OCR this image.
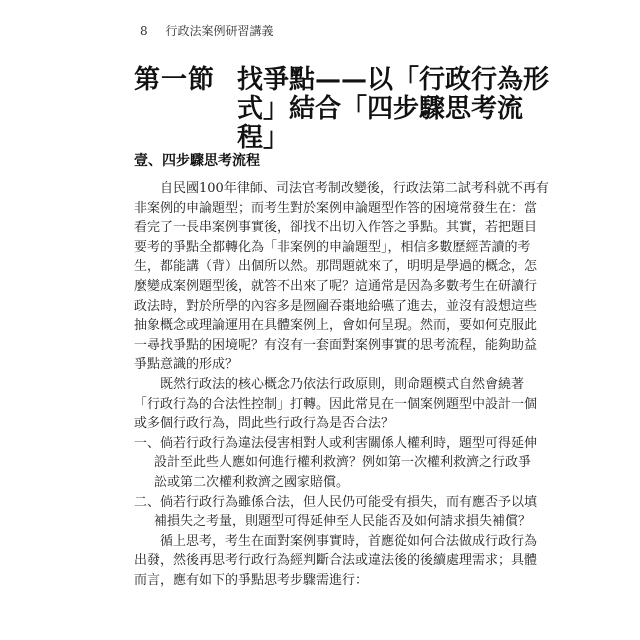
8 行政法案例研習講義
第一節 找爭點——以「行政行為形
式」結合「四步驟思考流
程」
壹、四步驟思考流程
自民國100年律師、司法官考制改變後，行政法第二試考科就不再有
非案例的申論題型；而考生對於案例申論題型作答的困境常發生在：當
看完了一長串案例事實後，卻找不出切入作答之爭點。其實，若把題目
要考的爭點全都轉化為「非案例的申論題型」，相信多數歷經苦讀的考
生，都能講（背）出個所以然。那問題就來了，明明是學過的概念，怎
麼變成案例題型後，就答不出來了呢？這通常是因為多數考生在研讀行
政法時，對於所學的內容多是囫圇吞棗地給嚥了進去，並沒有設想這些
抽象概念或理論運用在具體案例上，會如何呈現。然而，要如何克服此
一尋找爭點的困境呢？有沒有一套面對案例事實的思考流程，能夠助益
爭點意識的形成？
既然行政法的核心概念乃依法行政原則，則命題模式自然會繞著
「行政行為的合法性控制」打轉。因此常見在一個案例題型中設計一個
或多個行政行為，問此些行政行為是否合法？
一、倘若行政行為違法侵害相對人或利害關係人權利時，題型可得延伸
設計至此些人應如何進行權利救濟？例如第一次權利救濟之行政爭
訟或第二次權利救濟之國家賠償。
二、倘若行政行為雖係合法，但人民仍可能受有損失，而有應否予以填
補損失之考量，則題型可得延伸至人民能否及如何請求損失補償？
循上思考，考生在面對案例事實時，首應從如何合法做成行政行為
出發，然後再思考行政行為經判斷合法或違法後的後續處理需求；具體
而言，應有如下的爭點思考步驟需進行：
